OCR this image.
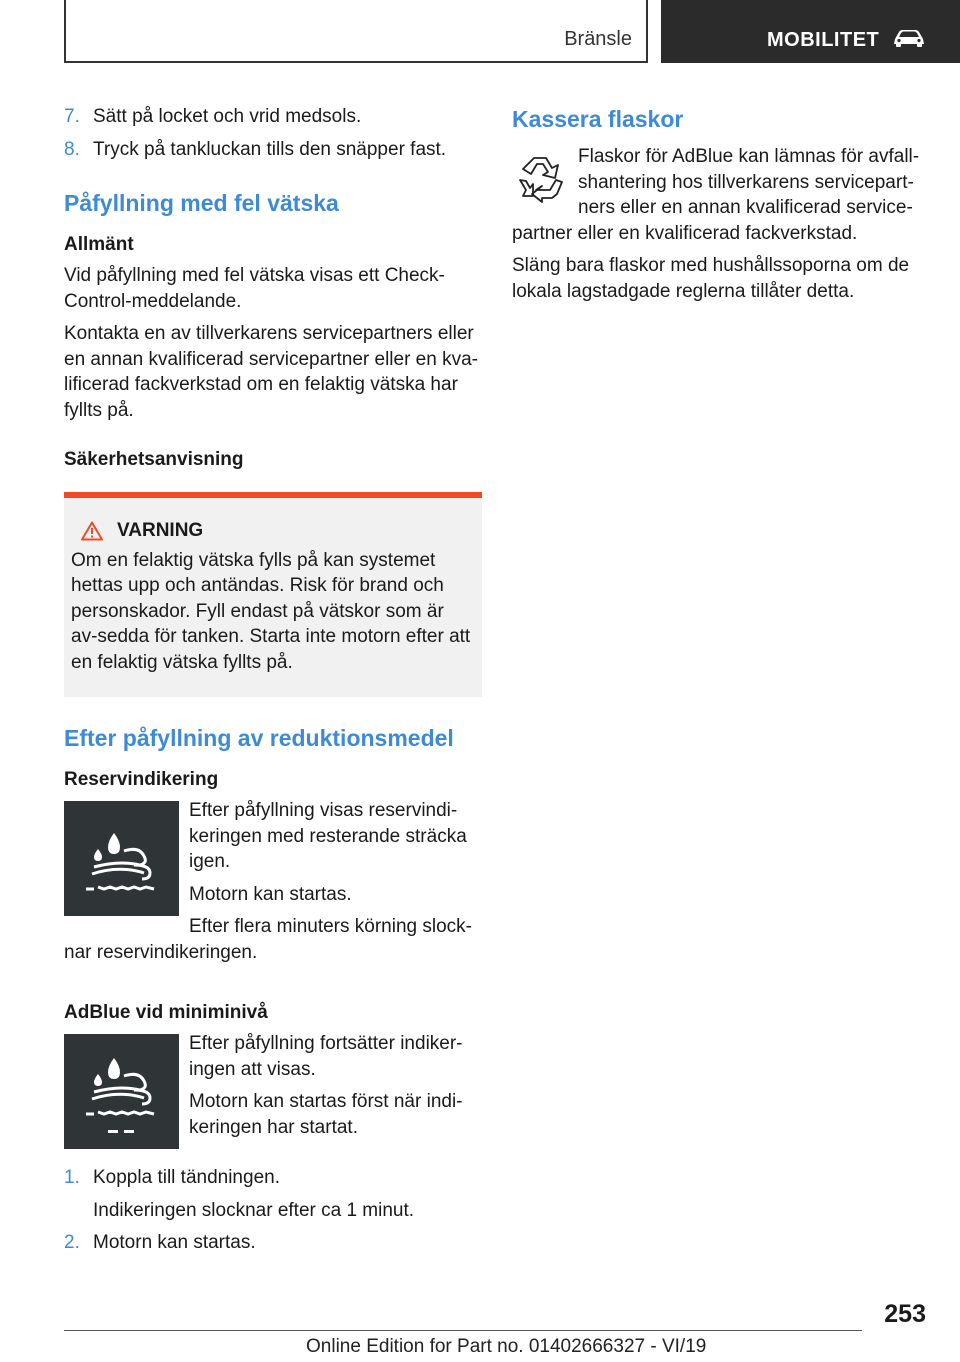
Bränsle	MOBILITET
7. Sätt på locket och vrid medsols.
8. Tryck på tankluckan tills den snäpper fast.
Påfyllning med fel vätska
Allmänt

Vid påfyllning med fel vätska visas ett Check-Control-meddelande.

Kontakta en av tillverkarens servicepartners eller en annan kvalificerad servicepartner eller en kva-lificerad fackverkstad om en felaktig vätska har fyllts på.

Säkerhetsanvisning
VARNING
Om en felaktig vätska fylls på kan systemet hettas upp och antändas. Risk för brand och personskador. Fyll endast på vätskor som är av-sedda för tanken. Starta inte motorn efter att en felaktig vätska fyllts på.
Efter påfyllning av reduktionsmedel
Reservindikering

Efter påfyllning visas reservindi-keringen med resterande sträcka igen.

Motorn kan startas.

Efter flera minuters körning slock-nar reservindikeringen.

AdBlue vid miniminivå

Efter påfyllning fortsätter indiker-ingen att visas.

Motorn kan startas först när indi-keringen har startat.

1. Koppla till tändningen.

Indikeringen slocknar efter ca 1 minut.

2. Motorn kan startas.
Kassera flaskor

Flaskor för AdBlue kan lämnas för avfall-shantering hos tillverkarens servicepart-ners eller en annan kvalificerad service-partner eller en kvalificerad fackverkstad.

Släng bara flaskor med hushållssoporna om de lokala lagstadgade reglerna tillåter detta.

253
Online Edition for Part no. 01402666327 - VI/19
